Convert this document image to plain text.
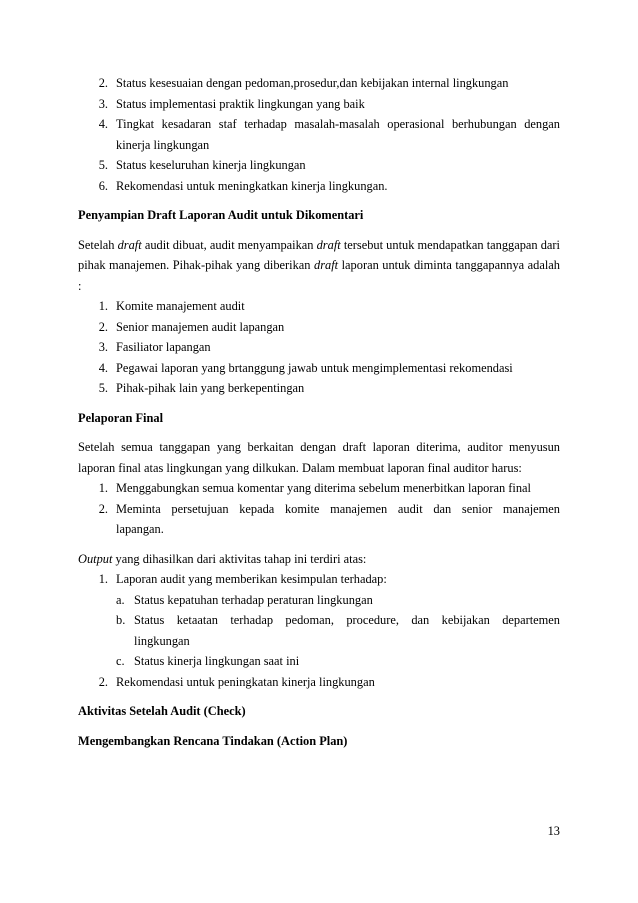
2. Status kesesuaian dengan pedoman,prosedur,dan kebijakan internal lingkungan
3. Status implementasi praktik lingkungan yang baik
4. Tingkat kesadaran staf terhadap masalah-masalah operasional berhubungan dengan kinerja lingkungan
5. Status keseluruhan kinerja lingkungan
6. Rekomendasi untuk meningkatkan kinerja lingkungan.
Penyampian Draft Laporan Audit untuk Dikomentari

Setelah draft audit dibuat, audit menyampaikan draft tersebut untuk mendapatkan tanggapan dari pihak manajemen. Pihak-pihak yang diberikan draft laporan untuk diminta tanggapannya adalah :

1. Komite manajement audit
2. Senior manajemen audit lapangan
3. Fasiliator lapangan
4. Pegawai laporan yang brtanggung jawab untuk mengimplementasi rekomendasi
5. Pihak-pihak lain yang berkepentingan
Pelaporan Final

Setelah semua tanggapan yang berkaitan dengan draft laporan diterima, auditor menyusun laporan final atas lingkungan yang dilkukan. Dalam membuat laporan final auditor harus:

1. Menggabungkan semua komentar yang diterima sebelum menerbitkan laporan final
2. Meminta persetujuan kepada komite manajemen audit dan senior manajemen lapangan.

Output yang dihasilkan dari aktivitas tahap ini terdiri atas:

1. Laporan audit yang memberikan kesimpulan terhadap:
a. Status kepatuhan terhadap peraturan lingkungan
b. Status ketaatan terhadap pedoman, procedure, dan kebijakan departemen lingkungan
c. Status kinerja lingkungan saat ini
2. Rekomendasi untuk peningkatan kinerja lingkungan
Aktivitas Setelah Audit (Check)
Mengembangkan Rencana Tindakan (Action Plan)
13
